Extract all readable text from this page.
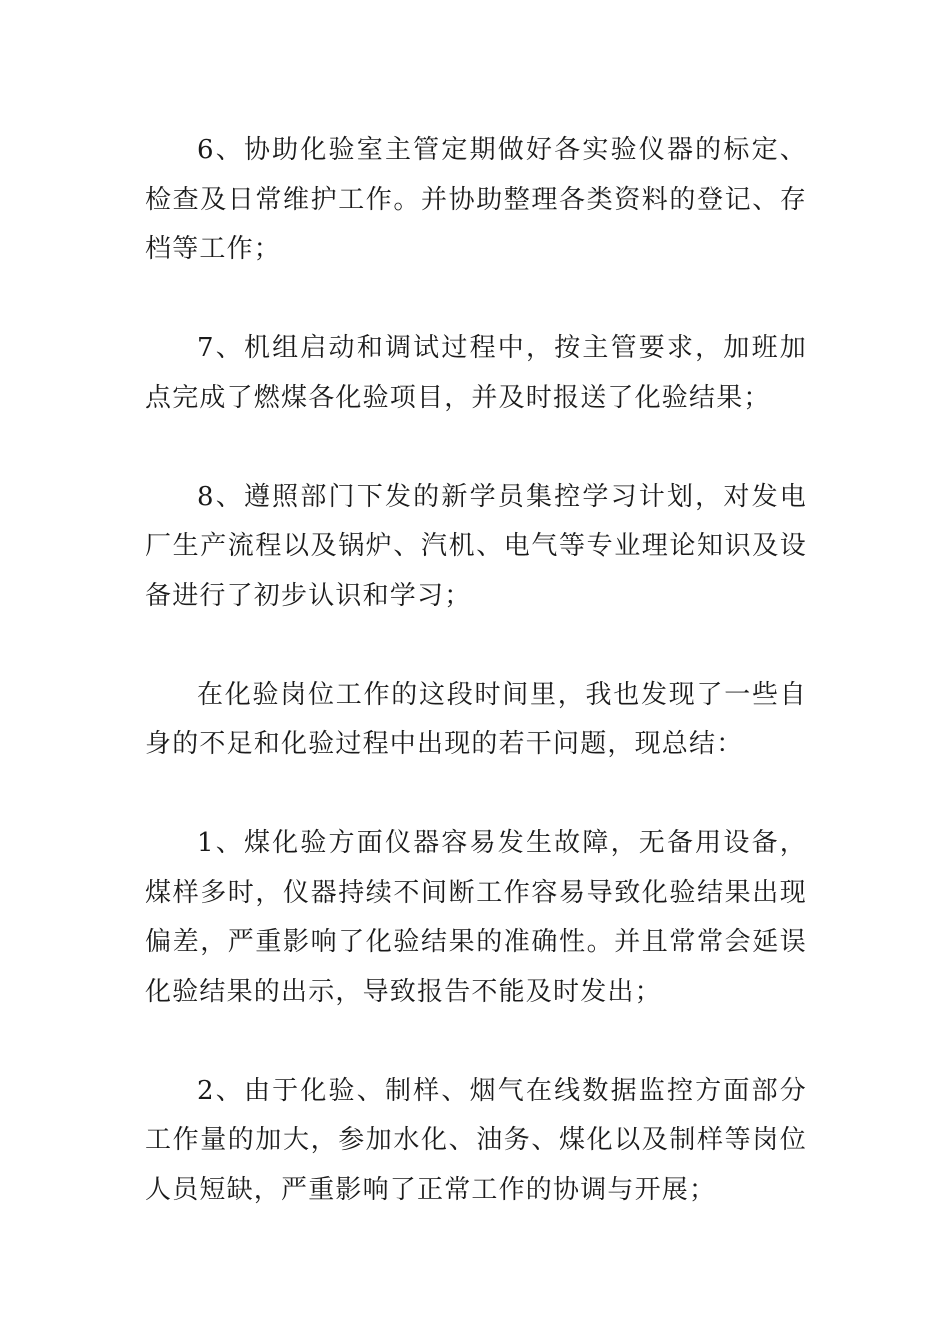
6、协助化验室主管定期做好各实验仪器的标定、检查及日常维护工作。并协助整理各类资料的登记、存档等工作；

7、机组启动和调试过程中，按主管要求，加班加点完成了燃煤各化验项目，并及时报送了化验结果；

8、遵照部门下发的新学员集控学习计划，对发电厂生产流程以及锅炉、汽机、电气等专业理论知识及设备进行了初步认识和学习；

在化验岗位工作的这段时间里，我也发现了一些自身的不足和化验过程中出现的若干问题，现总结：

1、煤化验方面仪器容易发生故障，无备用设备，煤样多时，仪器持续不间断工作容易导致化验结果出现偏差，严重影响了化验结果的准确性。并且常常会延误化验结果的出示，导致报告不能及时发出；

2、由于化验、制样、烟气在线数据监控方面部分工作量的加大，参加水化、油务、煤化以及制样等岗位人员短缺，严重影响了正常工作的协调与开展；
